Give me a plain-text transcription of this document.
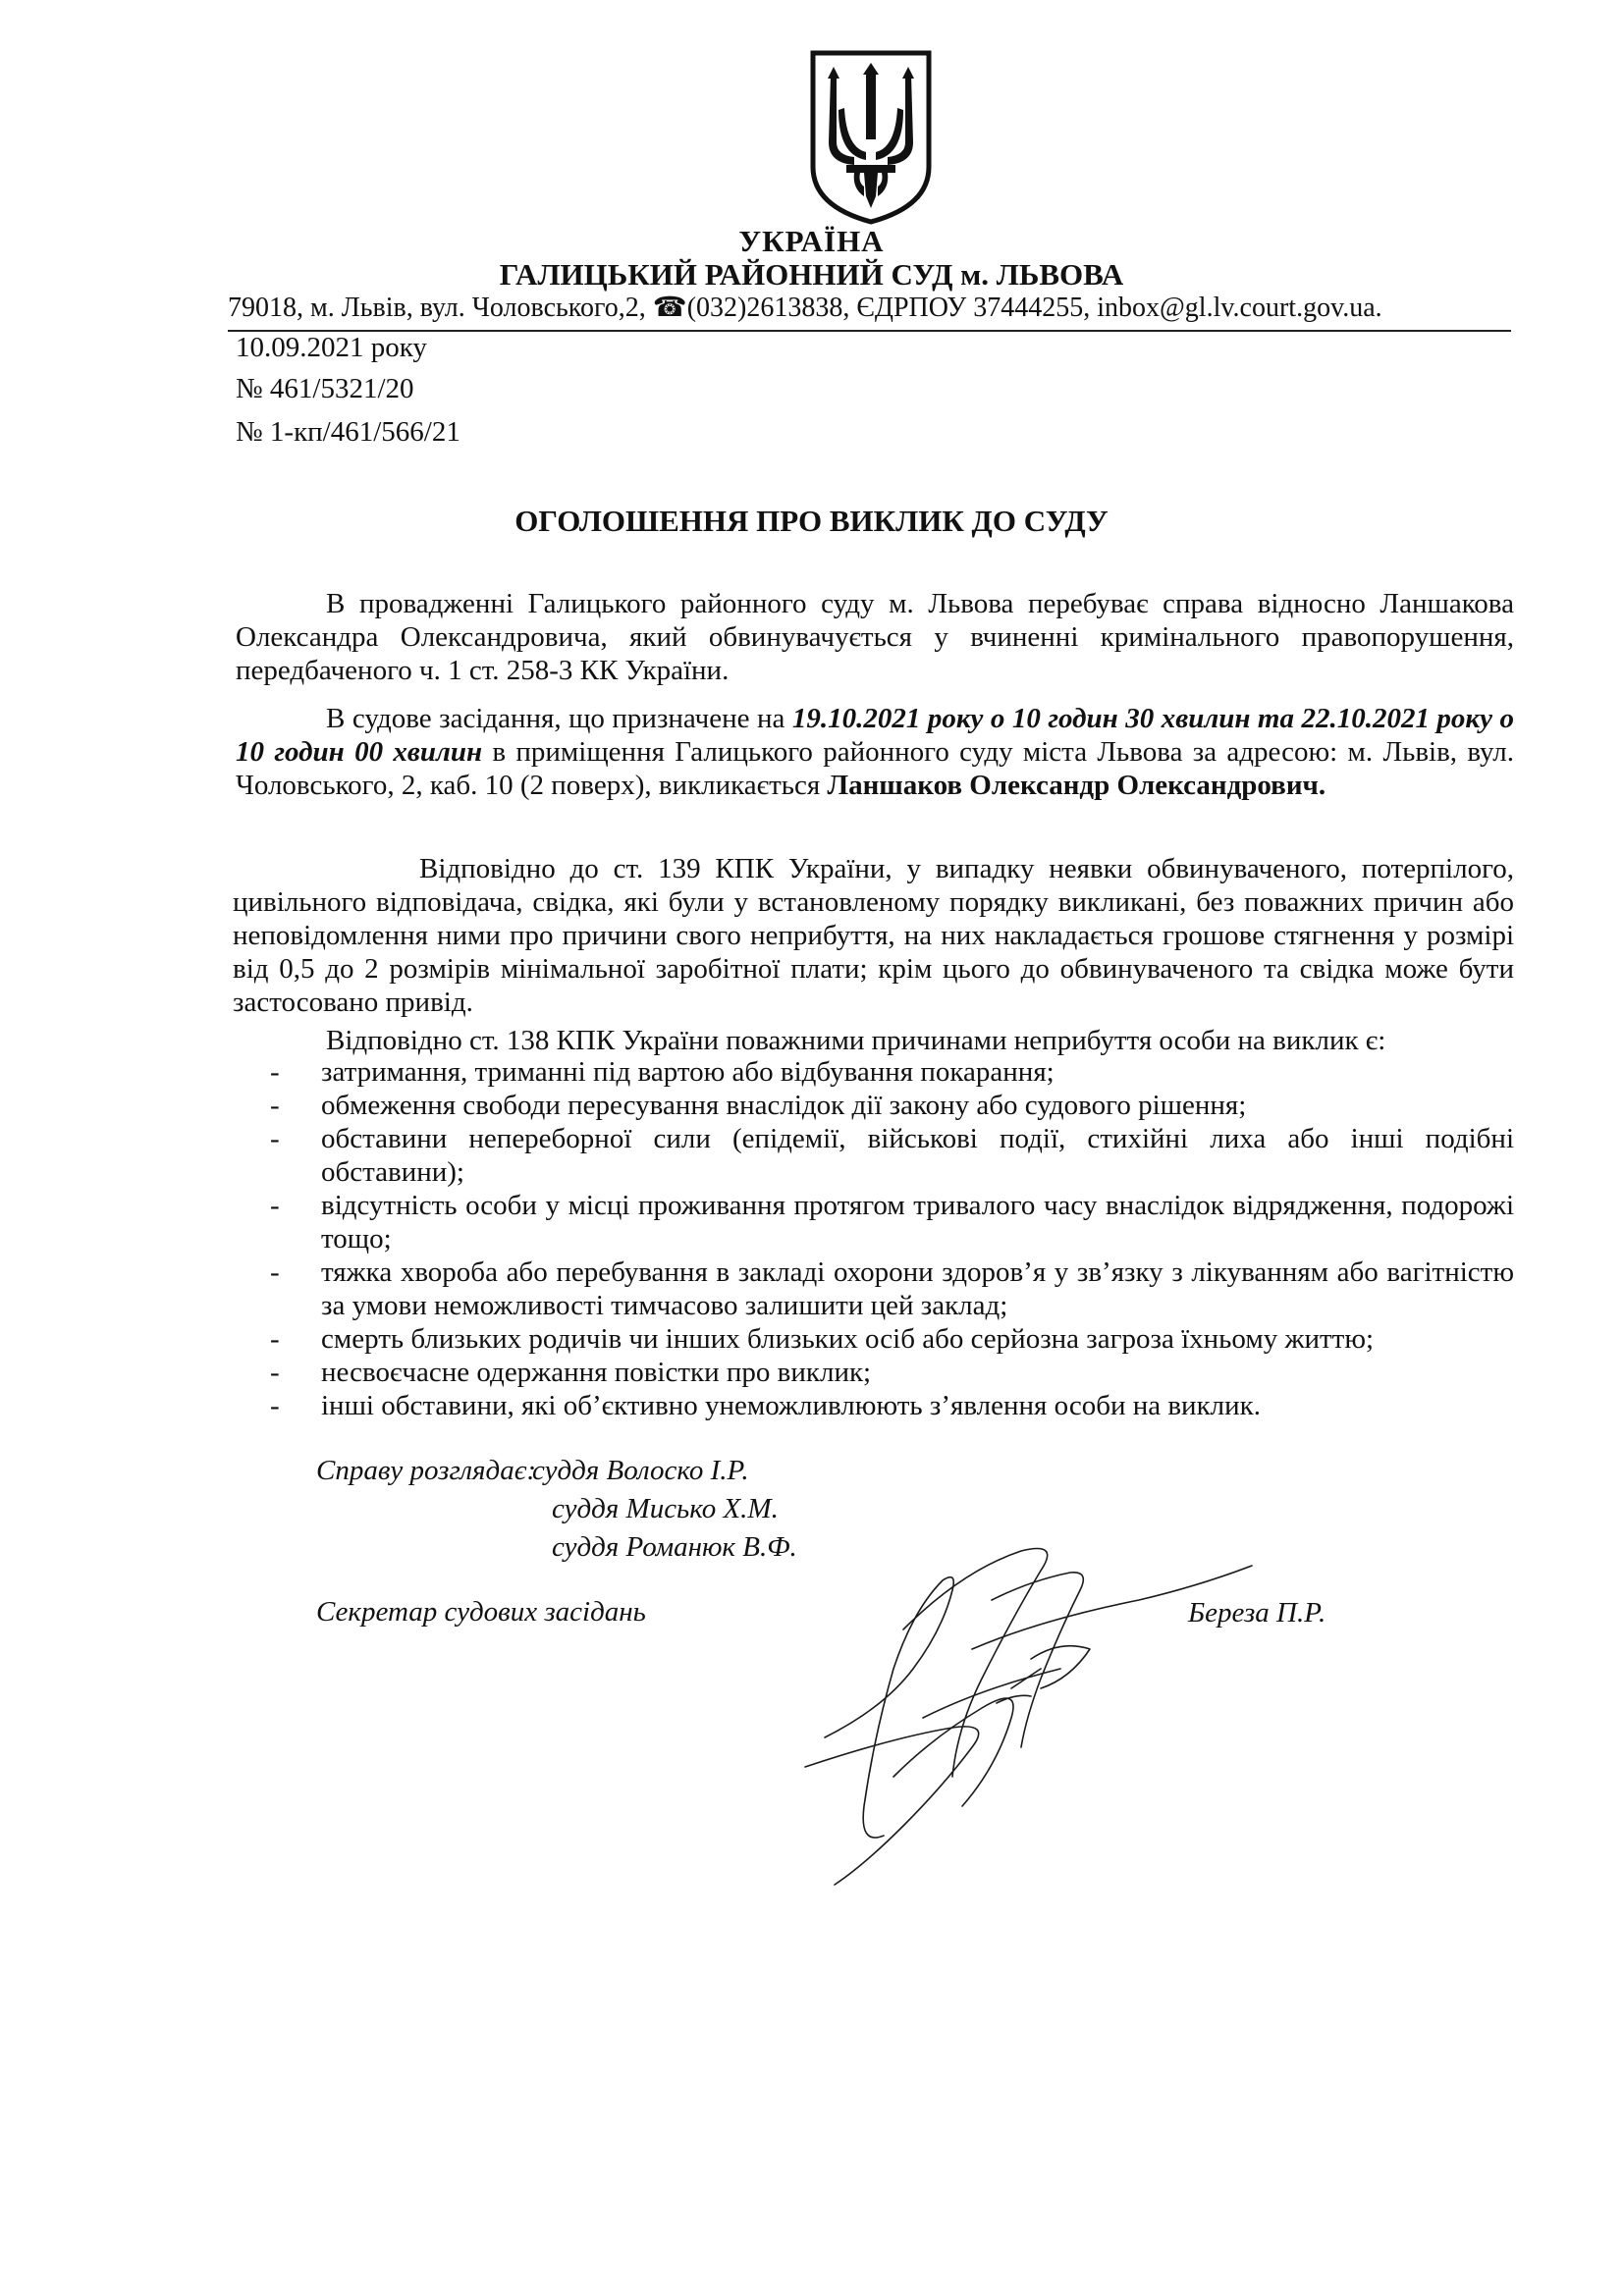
УКРАЇНА
ГАЛИЦЬКИЙ РАЙОННИЙ СУД м. ЛЬВОВА
79018, м. Львів, вул. Чоловського,2, ☎ (032)2613838, ЄДРПОУ 37444255, inbox@gl.lv.court.gov.ua.
10.09.2021 року
№ 461/5321/20
№ 1-кп/461/566/21
ОГОЛОШЕННЯ ПРО ВИКЛИК ДО СУДУ
В провадженні Галицького районного суду м. Львова перебуває справа відносно Ланшакова Олександра Олександровича, який обвинувачується у вчиненні кримінального правопорушення, передбаченого ч. 1 ст. 258-3 КК України.
В судове засідання, що призначене на 19.10.2021 року о 10 годин 30 хвилин та 22.10.2021 року о 10 годин 00 хвилин в приміщення Галицького районного суду міста Львова за адресою: м. Львів, вул. Чоловського, 2, каб. 10 (2 поверх), викликається Ланшаков Олександр Олександрович.
Відповідно до ст. 139 КПК України, у випадку неявки обвинуваченого, потерпілого, цивільного відповідача, свідка, які були у встановленому порядку викликані, без поважних причин або неповідомлення ними про причини свого неприбуття, на них накладається грошове стягнення у розмірі від 0,5 до 2 розмірів мінімальної заробітної плати; крім цього до обвинуваченого та свідка може бути застосовано привід.
Відповідно ст. 138 КПК України поважними причинами неприбуття особи на виклик є:
- затримання, триманні під вартою або відбування покарання;
- обмеження свободи пересування внаслідок дії закону або судового рішення;
- обставини непереборної сили (епідемії, військові події, стихійні лиха або інші подібні обставини);
- відсутність особи у місці проживання протягом тривалого часу внаслідок відрядження, подорожі тощо;
- тяжка хвороба або перебування в закладі охорони здоров’я у зв’язку з лікуванням або вагітністю за умови неможливості тимчасово залишити цей заклад;
- смерть близьких родичів чи інших близьких осіб або серйозна загроза їхньому життю;
- несвоєчасне одержання повістки про виклик;
- інші обставини, які об’єктивно унеможливлюють з’явлення особи на виклик.
Справу розглядає:
суддя Волоско І.Р.
суддя Мисько Х.М.
суддя Романюк В.Ф.
Секретар судових засідань	Береза П.Р.
